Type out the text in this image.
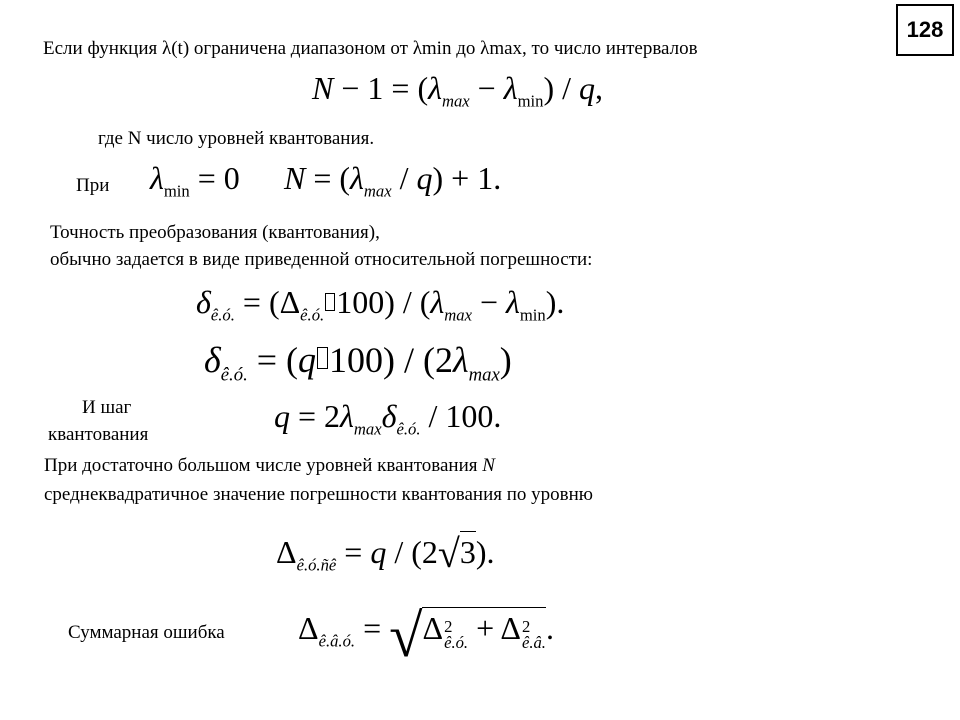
128
Если функция λ(t) ограничена диапазоном от λmin до λmax, то число интервалов
$N - 1 = (\lambda_{max} - \lambda_{min}) / q$,
где N число уровней квантования.
При $\lambda_{min} = 0$ $N = (\lambda_{max} / q) + 1$.
Точность преобразования (квантования),
обычно задается в виде приведенной относительной погрешности:
$\delta_{ê.ó.} = (\Delta_{ê.ó.}$ $100) / (\lambda_{max} - \lambda_{min})$.
$\delta_{ê.ó.} = (q$ $100) / (2\lambda_{max})$
И шаг
квантования
$q = 2\lambda_{max}\delta_{ê.ó.} / 100$.
При достаточно большом числе уровней квантования N
среднеквадратичное значение погрешности квантования по уровню
$\Delta_{ê.ó.ñê} = q / (2√3)$.
Суммарная ошибка $\Delta_{ê.â.ó.} = √\Delta$ 2
ê.ó. + Δ 2
ê.â. .
